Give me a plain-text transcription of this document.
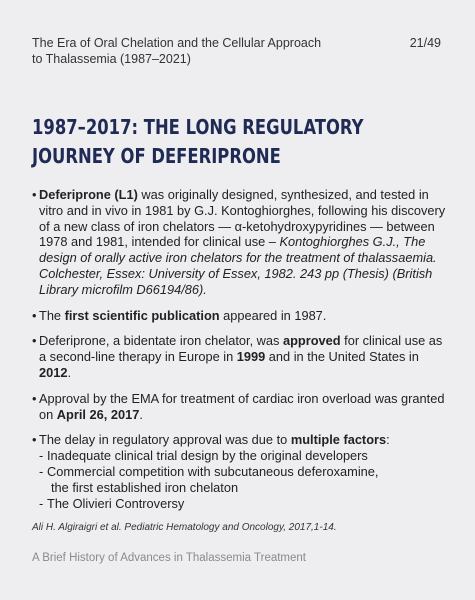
The Era of Oral Chelation and the Cellular Approach to Thalassemia (1987–2021)
21/49
1987–2017: THE LONG REGULATORY JOURNEY OF DEFERIPRONE
• Deferiprone (L1) was originally designed, synthesized, and tested in vitro and in vivo in 1981 by G.J. Kontoghiorghes, following his discovery of a new class of iron chelators — α-ketohydroxypyridines — between 1978 and 1981, intended for clinical use – Kontoghiorghes G.J., The design of orally active iron chelators for the treatment of thalassaemia. Colchester, Essex: University of Essex, 1982. 243 pp (Thesis) (British Library microfilm D66194/86).
• The first scientific publication appeared in 1987.
• Deferiprone, a bidentate iron chelator, was approved for clinical use as a second-line therapy in Europe in 1999 and in the United States in 2012.
• Approval by the EMA for treatment of cardiac iron overload was granted on April 26, 2017.
• The delay in regulatory approval was due to multiple factors:
- Inadequate clinical trial design by the original developers
- Commercial competition with subcutaneous deferoxamine,
the first established iron chelaton
- The Olivieri Controversy
Ali H. Algiraigri et al. Pediatric Hematology and Oncology, 2017,1-14.
A Brief History of Advances in Thalassemia Treatment
